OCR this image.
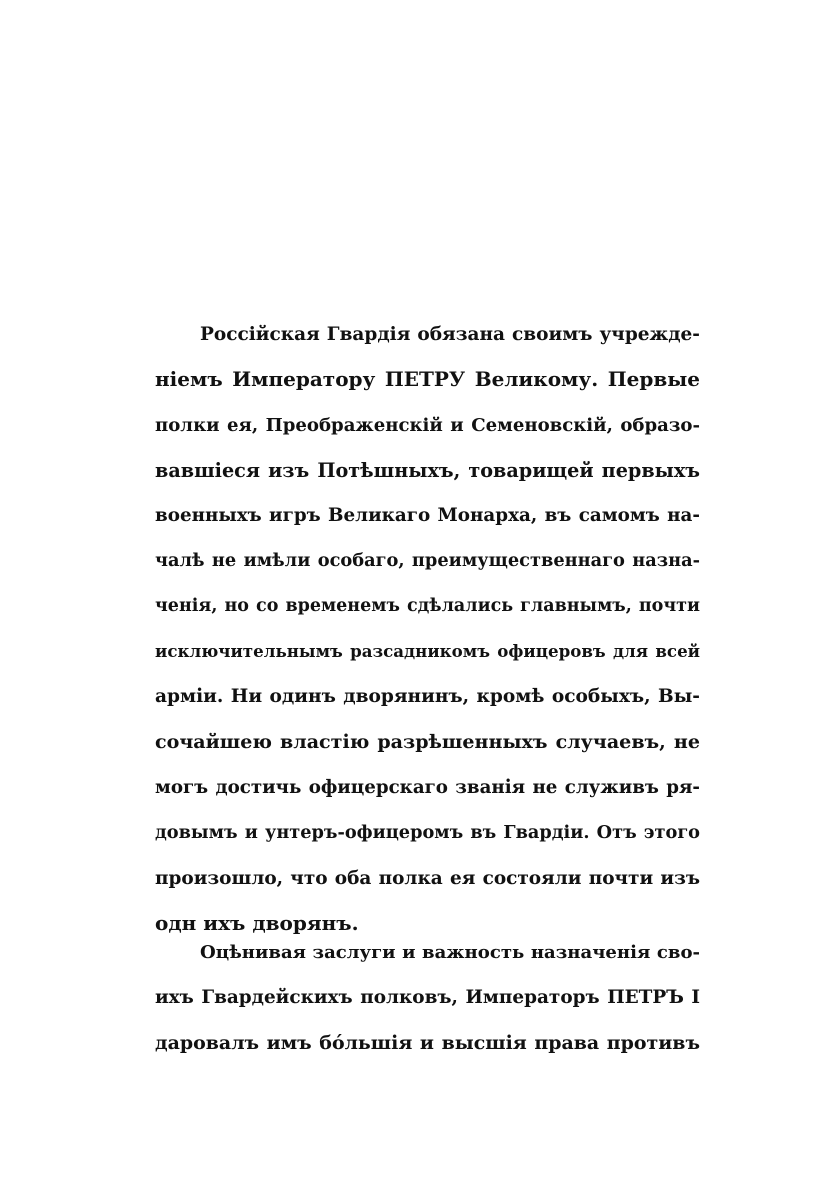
Россійская Гвардія обязана своимъ учрежде-
ніемъ Императору ПЕТРУ Великому. Первые
полки ея, Преображенскій и Семеновскій, образо-
вавшіеся изъ Потѣшныхъ, товарищей первыхъ
военныхъ игръ Великаго Монарха, въ самомъ на-
чалѣ не имѣли особаго, преимущественнаго назна-
ченія, но со временемъ сдѣлались главнымъ, почти
исключительнымъ разсадникомъ офицеровъ для всей
арміи. Ни одинъ дворянинъ, кромѣ особыхъ, Вы-
сочайшею властію разрѣшенныхъ случаевъ, не
могъ достичь офицерскаго званія не служивъ ря-
довымъ и унтеръ-офицеромъ въ Гвардіи. Отъ этого
произошло, что оба полка ея состояли почти изъ
одн ихъ дворянъ.
Оцѣнивая заслуги и важность назначенія сво-
ихъ Гвардейскихъ полковъ, Императоръ ПЕТРЪ I
даровалъ имъ бóльшія и высшія права противъ
